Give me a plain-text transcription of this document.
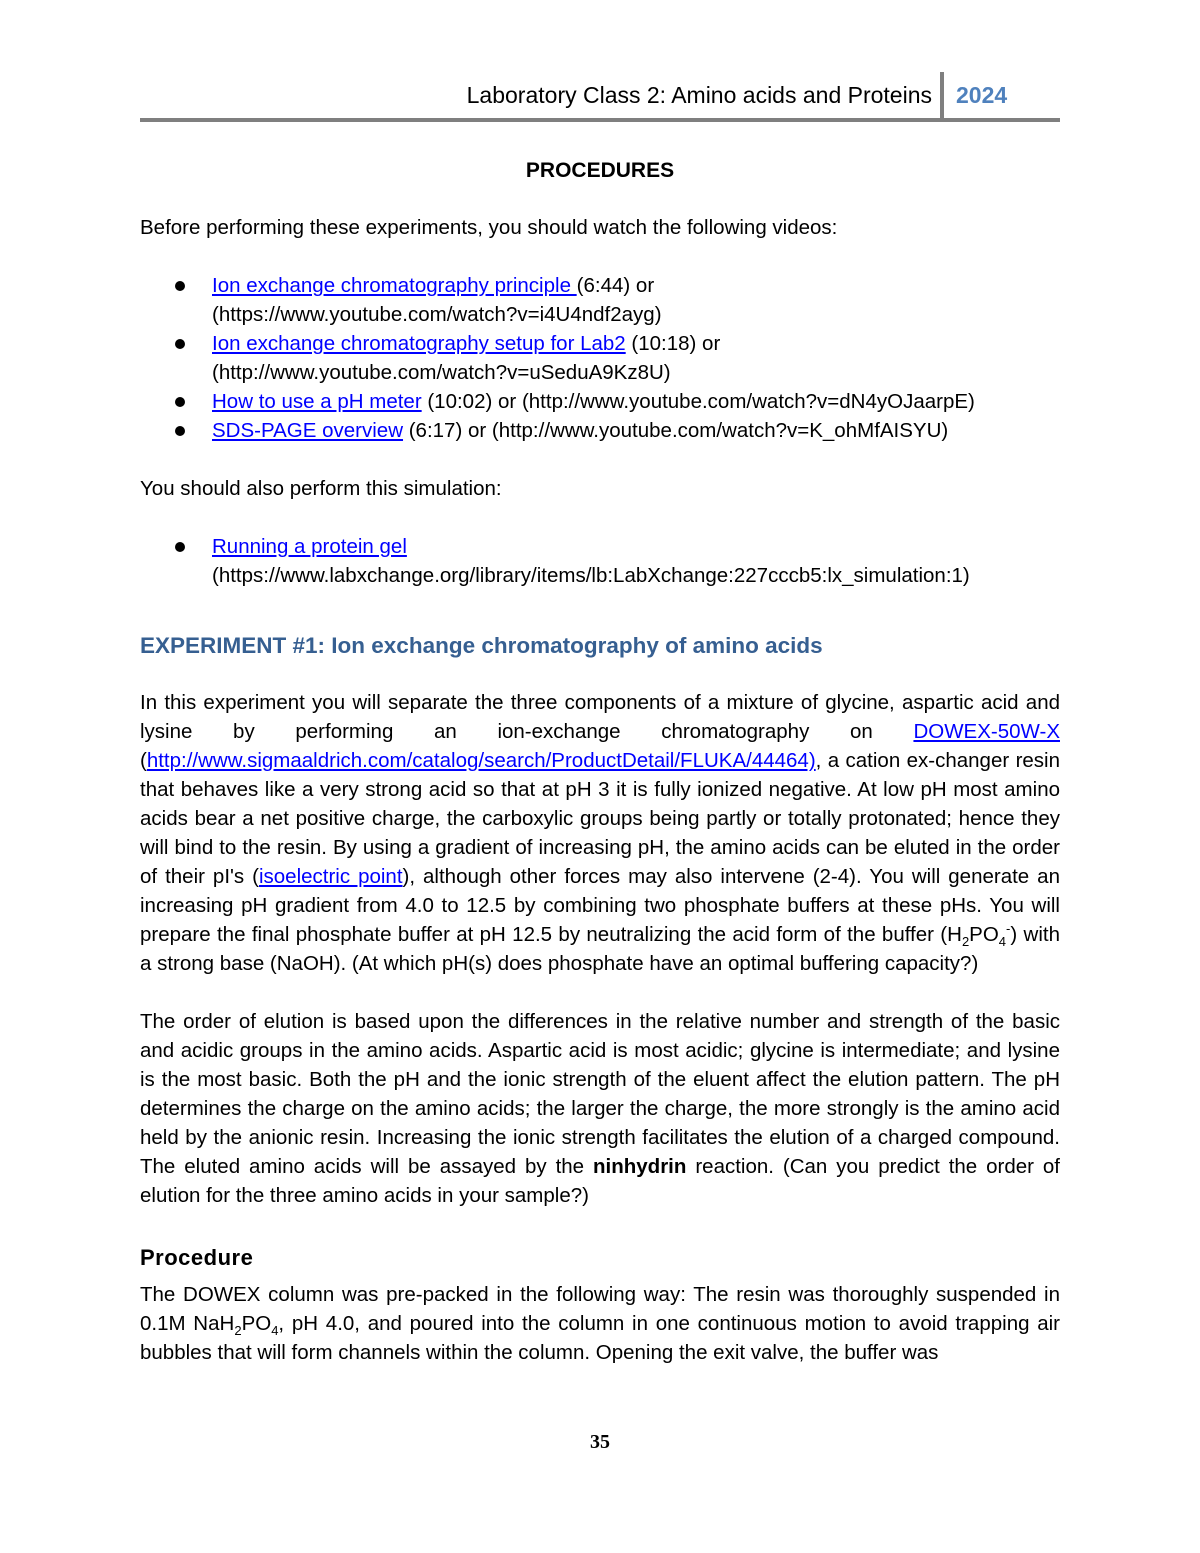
Laboratory Class 2: Amino acids and Proteins 2024
PROCEDURES

Before performing these experiments, you should watch the following videos:

Ion exchange chromatography principle (6:44) or
(https://www.youtube.com/watch?v=i4U4ndf2ayg)
Ion exchange chromatography setup for Lab2 (10:18) or
(http://www.youtube.com/watch?v=uSeduA9Kz8U)
How to use a pH meter (10:02) or (http://www.youtube.com/watch?v=dN4yOJaarpE)
SDS-PAGE overview (6:17) or (http://www.youtube.com/watch?v=K_ohMfAISYU)

You should also perform this simulation:

Running a protein gel
(https://www.labxchange.org/library/items/lb:LabXchange:227cccb5:lx_simulation:1)
EXPERIMENT #1: Ion exchange chromatography of amino acids

In this experiment you will separate the three components of a mixture of glycine, aspartic acid and lysine by performing an ion-exchange chromatography on DOWEX-50W-X (http://www.sigmaaldrich.com/catalog/search/ProductDetail/FLUKA/44464), a cation ex-changer resin that behaves like a very strong acid so that at pH 3 it is fully ionized negative. At low pH most amino acids bear a net positive charge, the carboxylic groups being partly or totally protonated; hence they will bind to the resin. By using a gradient of increasing pH, the amino acids can be eluted in the order of their pI's (isoelectric point), although other forces may also intervene (2-4). You will generate an increasing pH gradient from 4.0 to 12.5 by combining two phosphate buffers at these pHs. You will prepare the final phosphate buffer at pH 12.5 by neutralizing the acid form of the buffer $(H_2PO_4^-)$ with a strong base (NaOH). (At which pH(s) does phosphate have an optimal buffering capacity?)

The order of elution is based upon the differences in the relative number and strength of the basic and acidic groups in the amino acids. Aspartic acid is most acidic; glycine is intermediate; and lysine is the most basic. Both the pH and the ionic strength of the eluent affect the elution pattern. The pH determines the charge on the amino acids; the larger the charge, the more strongly is the amino acid held by the anionic resin. Increasing the ionic strength facilitates the elution of a charged compound. The eluted amino acids will be assayed by the ninhydrin reaction. (Can you predict the order of elution for the three amino acids in your sample?)

Procedure

The DOWEX column was pre-packed in the following way: The resin was thoroughly suspended in 0.1M $NaH_2PO_4$, pH 4.0, and poured into the column in one continuous motion to avoid trapping air bubbles that will form channels within the column. Opening the exit valve, the buffer was

35
